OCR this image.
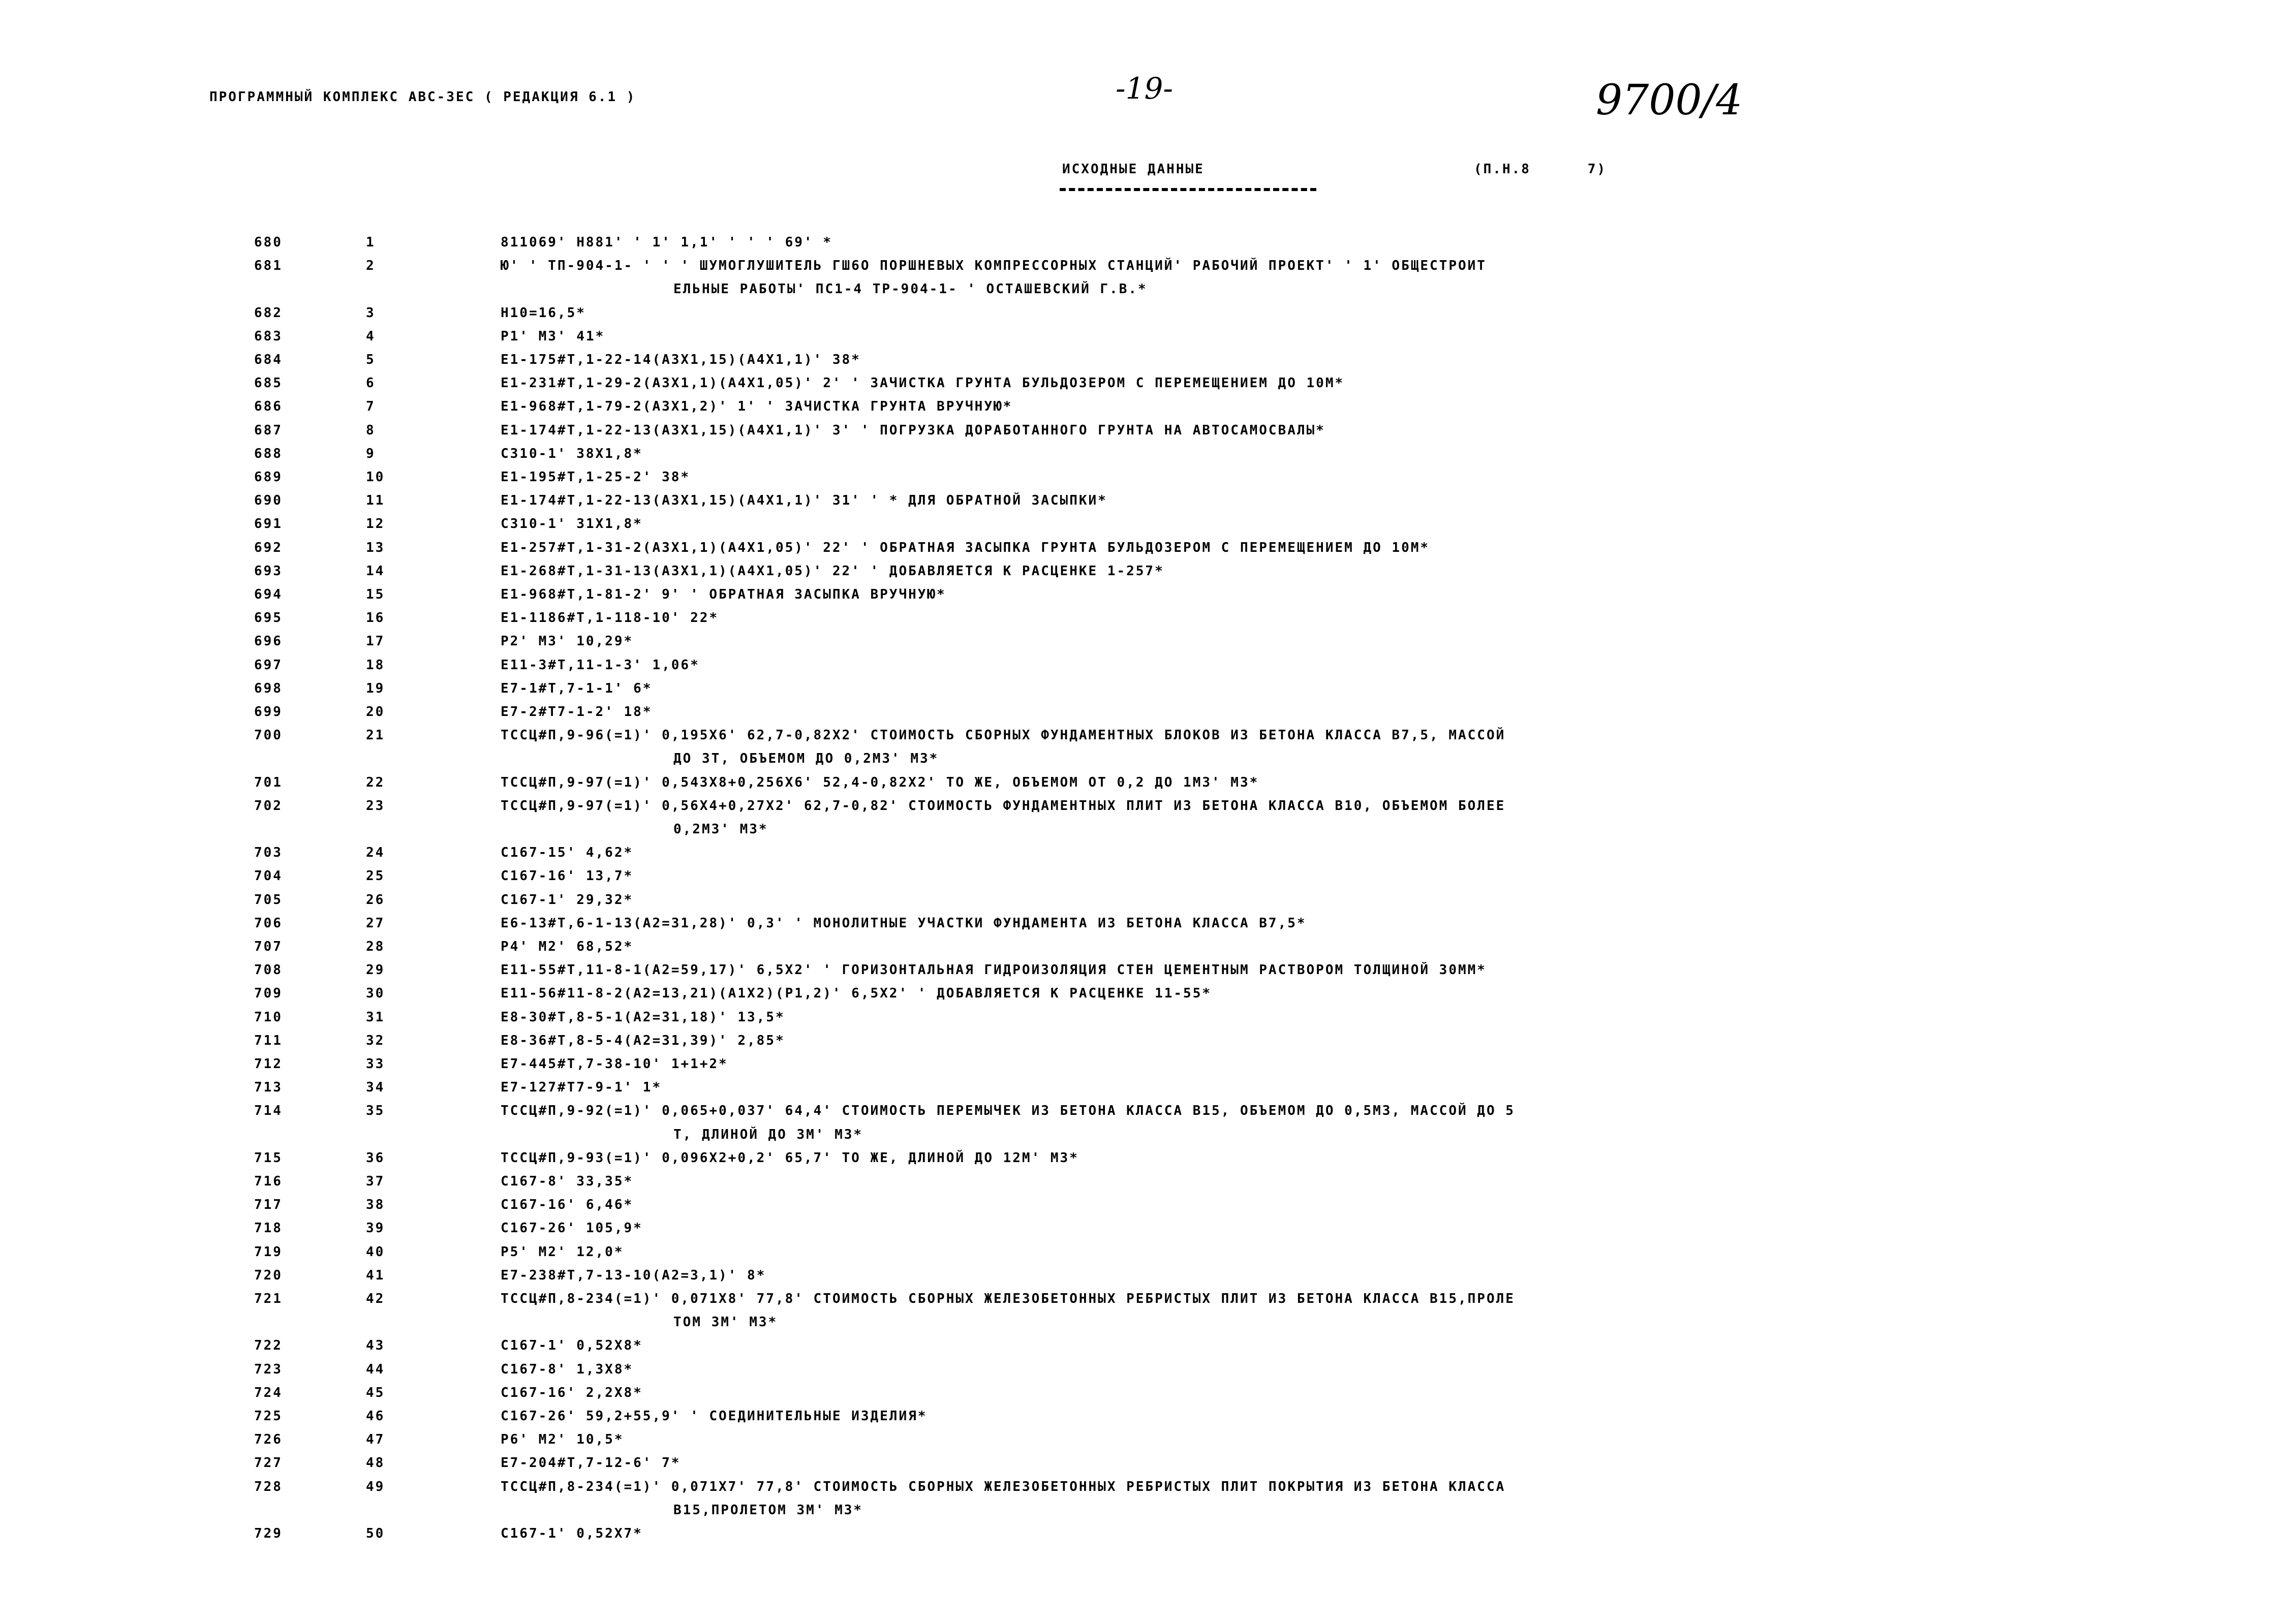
ПРОГРАММНЫЙ КОМПЛЕКС АВС-ЗЕС ( РЕДАКЦИЯ 6.1 )	-19-	9700/4
ИСХОДНЫЕ ДАННЫЕ	(П.Н.8      7)
680	1	811069' Н881' ' 1' 1,1' ' ' ' 69' *
681	2	Ю' ' ТП-904-1- ' ' ' ШУМОГЛУШИТЕЛЬ ГШ6О ПОРШНЕВЫХ КОМПРЕССОРНЫХ СТАНЦИЙ' РАБОЧИЙ ПРОЕКТ' ' 1' ОБЩЕСТРОИТ
ЕЛЬНЫЕ РАБОТЫ' ПС1-4 ТР-904-1- ' ОСТАШЕВСКИЙ Г.В.*
682	3	Н10=16,5*
683	4	Р1' М3' 41*
684	5	Е1-175#Т,1-22-14(А3Х1,15)(А4Х1,1)' 38*
685	6	Е1-231#Т,1-29-2(А3Х1,1)(А4Х1,05)' 2' ' ЗАЧИСТКА ГРУНТА БУЛЬДОЗЕРОМ С ПЕРЕМЕЩЕНИЕМ ДО 10М*
686	7	Е1-968#Т,1-79-2(А3Х1,2)' 1' ' ЗАЧИСТКА ГРУНТА ВРУЧНУЮ*
687	8	Е1-174#Т,1-22-13(А3Х1,15)(А4Х1,1)' 3' ' ПОГРУЗКА ДОРАБОТАННОГО ГРУНТА НА АВТОСАМОСВАЛЫ*
688	9	С310-1' 38Х1,8*
689	10	Е1-195#Т,1-25-2' 38*
690	11	Е1-174#Т,1-22-13(А3Х1,15)(А4Х1,1)' 31' ' * ДЛЯ ОБРАТНОЙ ЗАСЫПКИ*
691	12	С310-1' 31Х1,8*
692	13	Е1-257#Т,1-31-2(А3Х1,1)(А4Х1,05)' 22' ' ОБРАТНАЯ ЗАСЫПКА ГРУНТА БУЛЬДОЗЕРОМ С ПЕРЕМЕЩЕНИЕМ ДО 10М*
693	14	Е1-268#Т,1-31-13(А3Х1,1)(А4Х1,05)' 22' ' ДОБАВЛЯЕТСЯ К РАСЦЕНКЕ 1-257*
694	15	Е1-968#Т,1-81-2' 9' ' ОБРАТНАЯ ЗАСЫПКА ВРУЧНУЮ*
695	16	Е1-1186#Т,1-118-10' 22*
696	17	Р2' М3' 10,29*
697	18	Е11-3#Т,11-1-3' 1,06*
698	19	Е7-1#Т,7-1-1' 6*
699	20	Е7-2#Т7-1-2' 18*
700	21	ТССЦ#П,9-96(=1)' 0,195Х6' 62,7-0,82Х2' СТОИМОСТЬ СБОРНЫХ ФУНДАМЕНТНЫХ БЛОКОВ ИЗ БЕТОНА КЛАССА В7,5, МАССОЙ
ДО 3Т, ОБЪЕМОМ ДО 0,2М3' М3*
701	22	ТССЦ#П,9-97(=1)' 0,543Х8+0,256Х6' 52,4-0,82Х2' ТО ЖЕ, ОБЪЕМОМ ОТ 0,2 ДО 1М3' М3*
702	23	ТССЦ#П,9-97(=1)' 0,56Х4+0,27Х2' 62,7-0,82' СТОИМОСТЬ ФУНДАМЕНТНЫХ ПЛИТ ИЗ БЕТОНА КЛАССА В10, ОБЪЕМОМ БОЛЕЕ
0,2М3' М3*
703	24	С167-15' 4,62*
704	25	С167-16' 13,7*
705	26	С167-1' 29,32*
706	27	Е6-13#Т,6-1-13(А2=31,28)' 0,3' ' МОНОЛИТНЫЕ УЧАСТКИ ФУНДАМЕНТА ИЗ БЕТОНА КЛАССА В7,5*
707	28	Р4' М2' 68,52*
708	29	Е11-55#Т,11-8-1(А2=59,17)' 6,5Х2' ' ГОРИЗОНТАЛЬНАЯ ГИДРОИЗОЛЯЦИЯ СТЕН ЦЕМЕНТНЫМ РАСТВОРОМ ТОЛЩИНОЙ 30ММ*
709	30	Е11-56#11-8-2(А2=13,21)(А1Х2)(Р1,2)' 6,5Х2' ' ДОБАВЛЯЕТСЯ К РАСЦЕНКЕ 11-55*
710	31	Е8-30#Т,8-5-1(А2=31,18)' 13,5*
711	32	Е8-36#Т,8-5-4(А2=31,39)' 2,85*
712	33	Е7-445#Т,7-38-10' 1+1+2*
713	34	Е7-127#Т7-9-1' 1*
714	35	ТССЦ#П,9-92(=1)' 0,065+0,037' 64,4' СТОИМОСТЬ ПЕРЕМЫЧЕК ИЗ БЕТОНА КЛАССА В15, ОБЪЕМОМ ДО 0,5М3, МАССОЙ ДО 5
Т, ДЛИНОЙ ДО 3М' М3*
715	36	ТССЦ#П,9-93(=1)' 0,096Х2+0,2' 65,7' ТО ЖЕ, ДЛИНОЙ ДО 12М' М3*
716	37	С167-8' 33,35*
717	38	С167-16' 6,46*
718	39	С167-26' 105,9*
719	40	Р5' М2' 12,0*
720	41	Е7-238#Т,7-13-10(А2=3,1)' 8*
721	42	ТССЦ#П,8-234(=1)' 0,071Х8' 77,8' СТОИМОСТЬ СБОРНЫХ ЖЕЛЕЗОБЕТОННЫХ РЕБРИСТЫХ ПЛИТ ИЗ БЕТОНА КЛАССА В15,ПРОЛЕ
ТОМ 3М' М3*
722	43	С167-1' 0,52Х8*
723	44	С167-8' 1,3Х8*
724	45	С167-16' 2,2Х8*
725	46	С167-26' 59,2+55,9' ' СОЕДИНИТЕЛЬНЫЕ ИЗДЕЛИЯ*
726	47	Р6' М2' 10,5*
727	48	Е7-204#Т,7-12-6' 7*
728	49	ТССЦ#П,8-234(=1)' 0,071Х7' 77,8' СТОИМОСТЬ СБОРНЫХ ЖЕЛЕЗОБЕТОННЫХ РЕБРИСТЫХ ПЛИТ ПОКРЫТИЯ ИЗ БЕТОНА КЛАССА
В15,ПРОЛЕТОМ 3М' М3*
729	50	С167-1' 0,52Х7*
